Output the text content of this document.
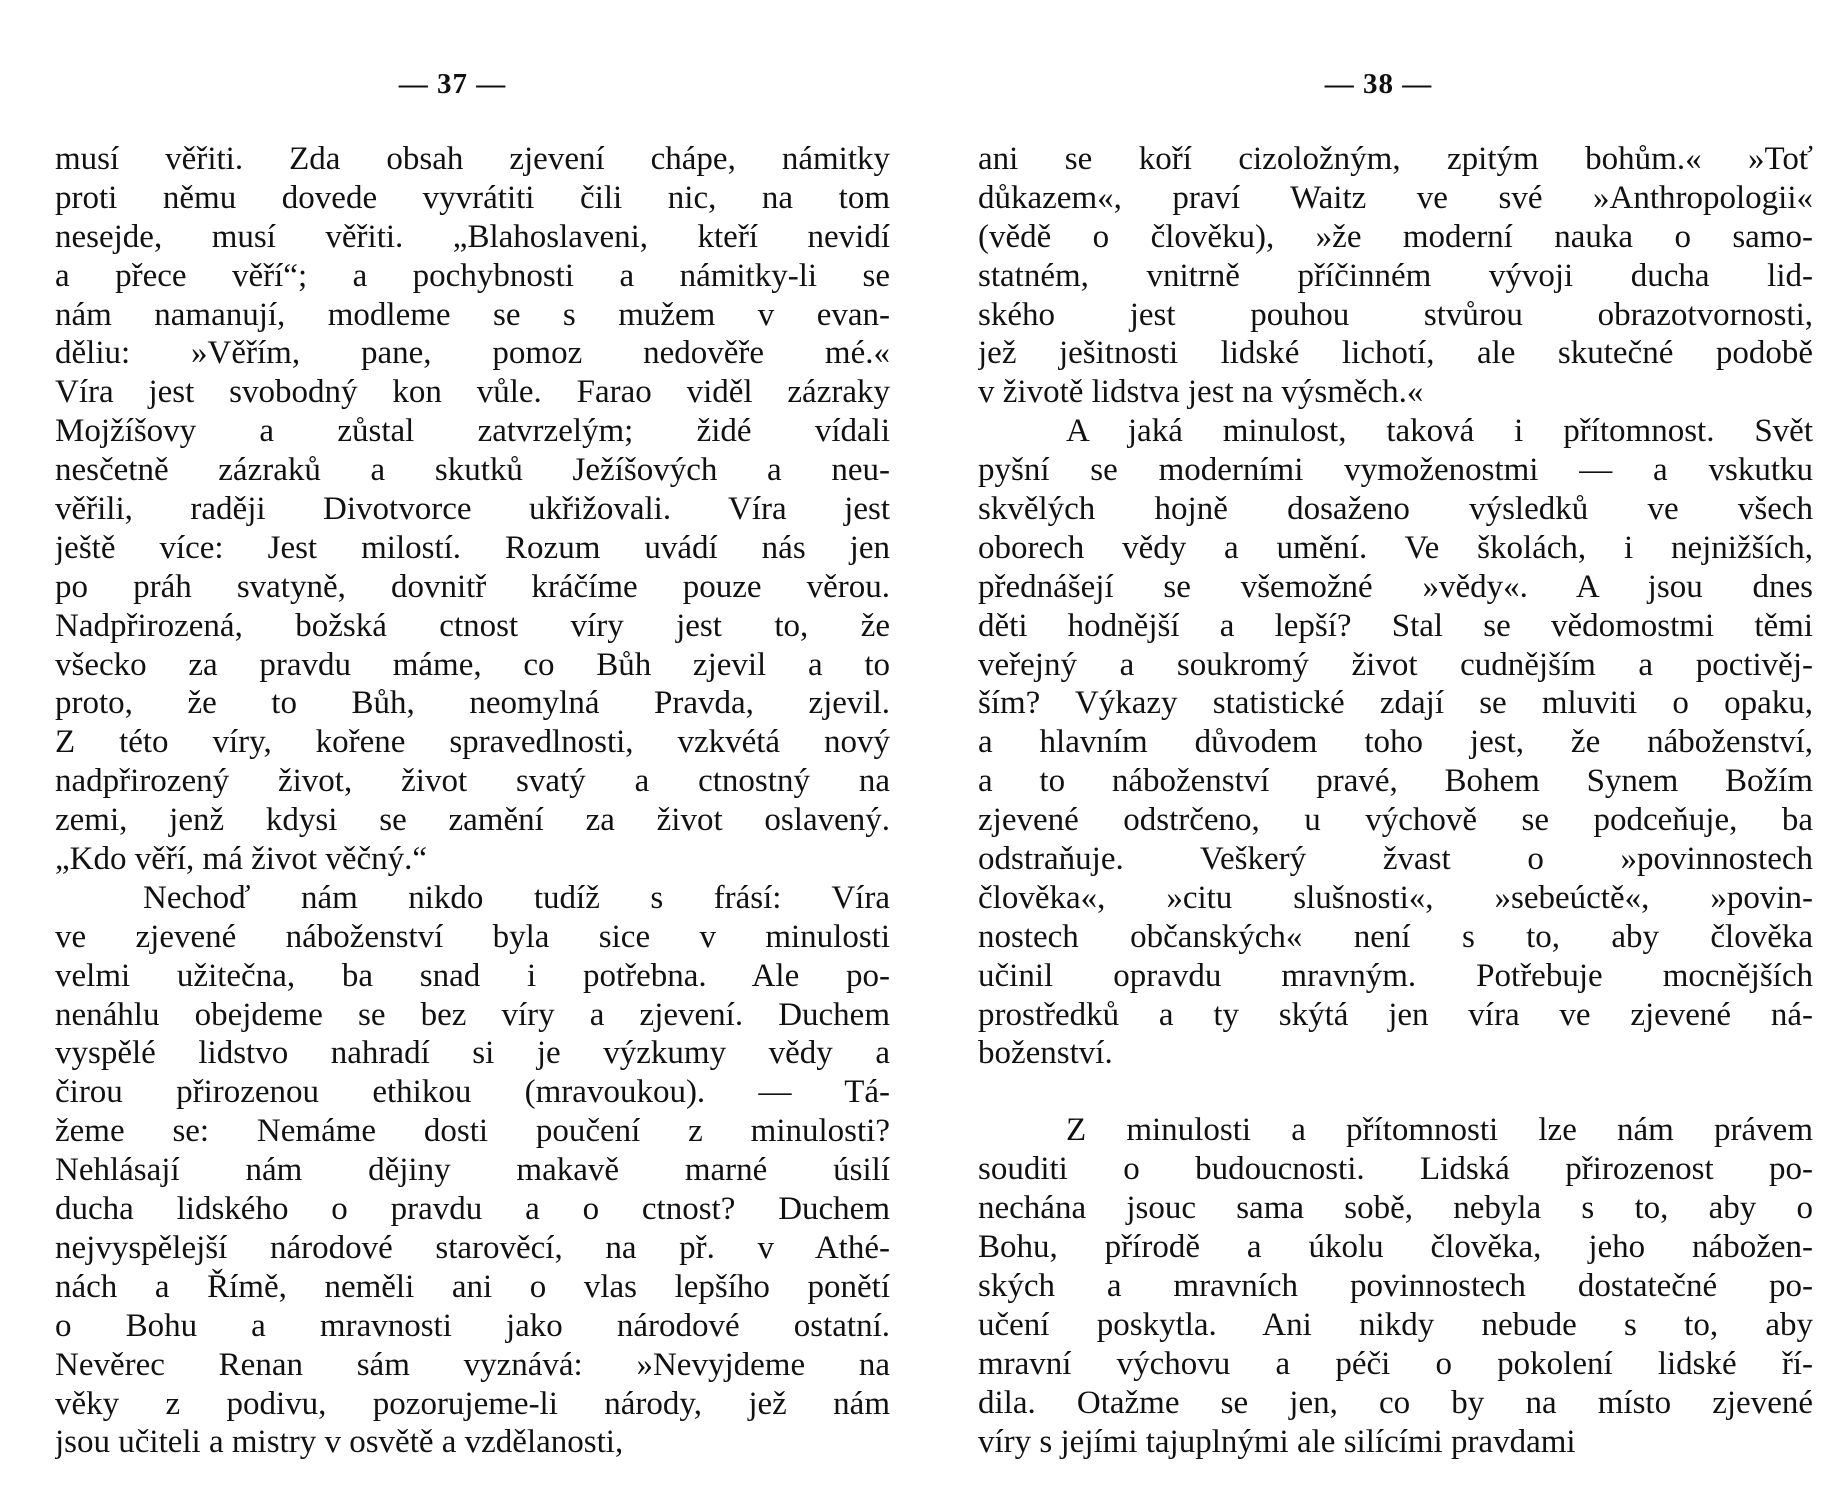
— 37 —
musí věřiti. Zda obsah zjevení chápe, námitky
proti němu dovede vyvrátiti čili nic, na tom
nesejde, musí věřiti. „Blahoslaveni, kteří nevidí
a přece věří“; a pochybnosti a námitky-li se
nám namanují, modleme se s mužem v evan-
děliu: »Věřím, pane, pomoz nedověře mé.«
Víra jest svobodný kon vůle. Farao viděl zázraky
Mojžíšovy a zůstal zatvrzelým; židé vídali
nesčetně zázraků a skutků Ježíšových a neu-
věřili, raději Divotvorce ukřižovali. Víra jest
ještě více: Jest milostí. Rozum uvádí nás jen
po práh svatyně, dovnitř kráčíme pouze věrou.
Nadpřirozená, božská ctnost víry jest to, že
všecko za pravdu máme, co Bůh zjevil a to
proto, že to Bůh, neomylná Pravda, zjevil.
Z této víry, kořene spravedlnosti, vzkvétá nový
nadpřirozený život, život svatý a ctnostný na
zemi, jenž kdysi se zamění za život oslavený.
„Kdo věří, má život věčný.“
Nechoď nám nikdo tudíž s frásí: Víra
ve zjevené náboženství byla sice v minulosti
velmi užitečna, ba snad i potřebna. Ale po-
nenáhlu obejdeme se bez víry a zjevení. Duchem
vyspělé lidstvo nahradí si je výzkumy vědy a
čirou přirozenou ethikou (mravoukou). — Tá-
žeme se: Nemáme dosti poučení z minulosti?
Nehlásají nám dějiny makavě marné úsilí
ducha lidského o pravdu a o ctnost? Duchem
nejvyspělejší národové starověcí, na př. v Athé-
nách a Římě, neměli ani o vlas lepšího ponětí
o Bohu a mravnosti jako národové ostatní.
Nevěrec Renan sám vyznává: »Nevyjdeme na
věky z podivu, pozorujeme-li národy, jež nám
jsou učiteli a mistry v osvětě a vzdělanosti,
— 38 —
ani se koří cizoložným, zpitým bohům.« »Toť
důkazem«, praví Waitz ve své »Anthropologii«
(vědě o člověku), »že moderní nauka o samo-
statném, vnitrně příčinném vývoji ducha lid-
ského jest pouhou stvůrou obrazotvornosti,
jež ješitnosti lidské lichotí, ale skutečné podobě
v životě lidstva jest na výsměch.«
A jaká minulost, taková i přítomnost. Svět
pyšní se moderními vymoženostmi — a vskutku
skvělých hojně dosaženo výsledků ve všech
oborech vědy a umění. Ve školách, i nejnižších,
přednášejí se všemožné »vědy«. A jsou dnes
děti hodnější a lepší? Stal se vědomostmi těmi
veřejný a soukromý život cudnějším a poctivěj-
ším? Výkazy statistické zdají se mluviti o opaku,
a hlavním důvodem toho jest, že náboženství,
a to náboženství pravé, Bohem Synem Božím
zjevené odstrčeno, u výchově se podceňuje, ba
odstraňuje. Veškerý žvast o »povinnostech
člověka«, »citu slušnosti«, »sebeúctě«, »povin-
nostech občanských« není s to, aby člověka
učinil opravdu mravným. Potřebuje mocnějších
prostředků a ty skýtá jen víra ve zjevené ná-
boženství.
Z minulosti a přítomnosti lze nám právem
souditi o budoucnosti. Lidská přirozenost po-
nechána jsouc sama sobě, nebyla s to, aby o
Bohu, přírodě a úkolu člověka, jeho nábožen-
ských a mravních povinnostech dostatečné po-
učení poskytla. Ani nikdy nebude s to, aby
mravní výchovu a péči o pokolení lidské ří-
dila. Otažme se jen, co by na místo zjevené
víry s jejími tajuplnými ale silícími pravdami
